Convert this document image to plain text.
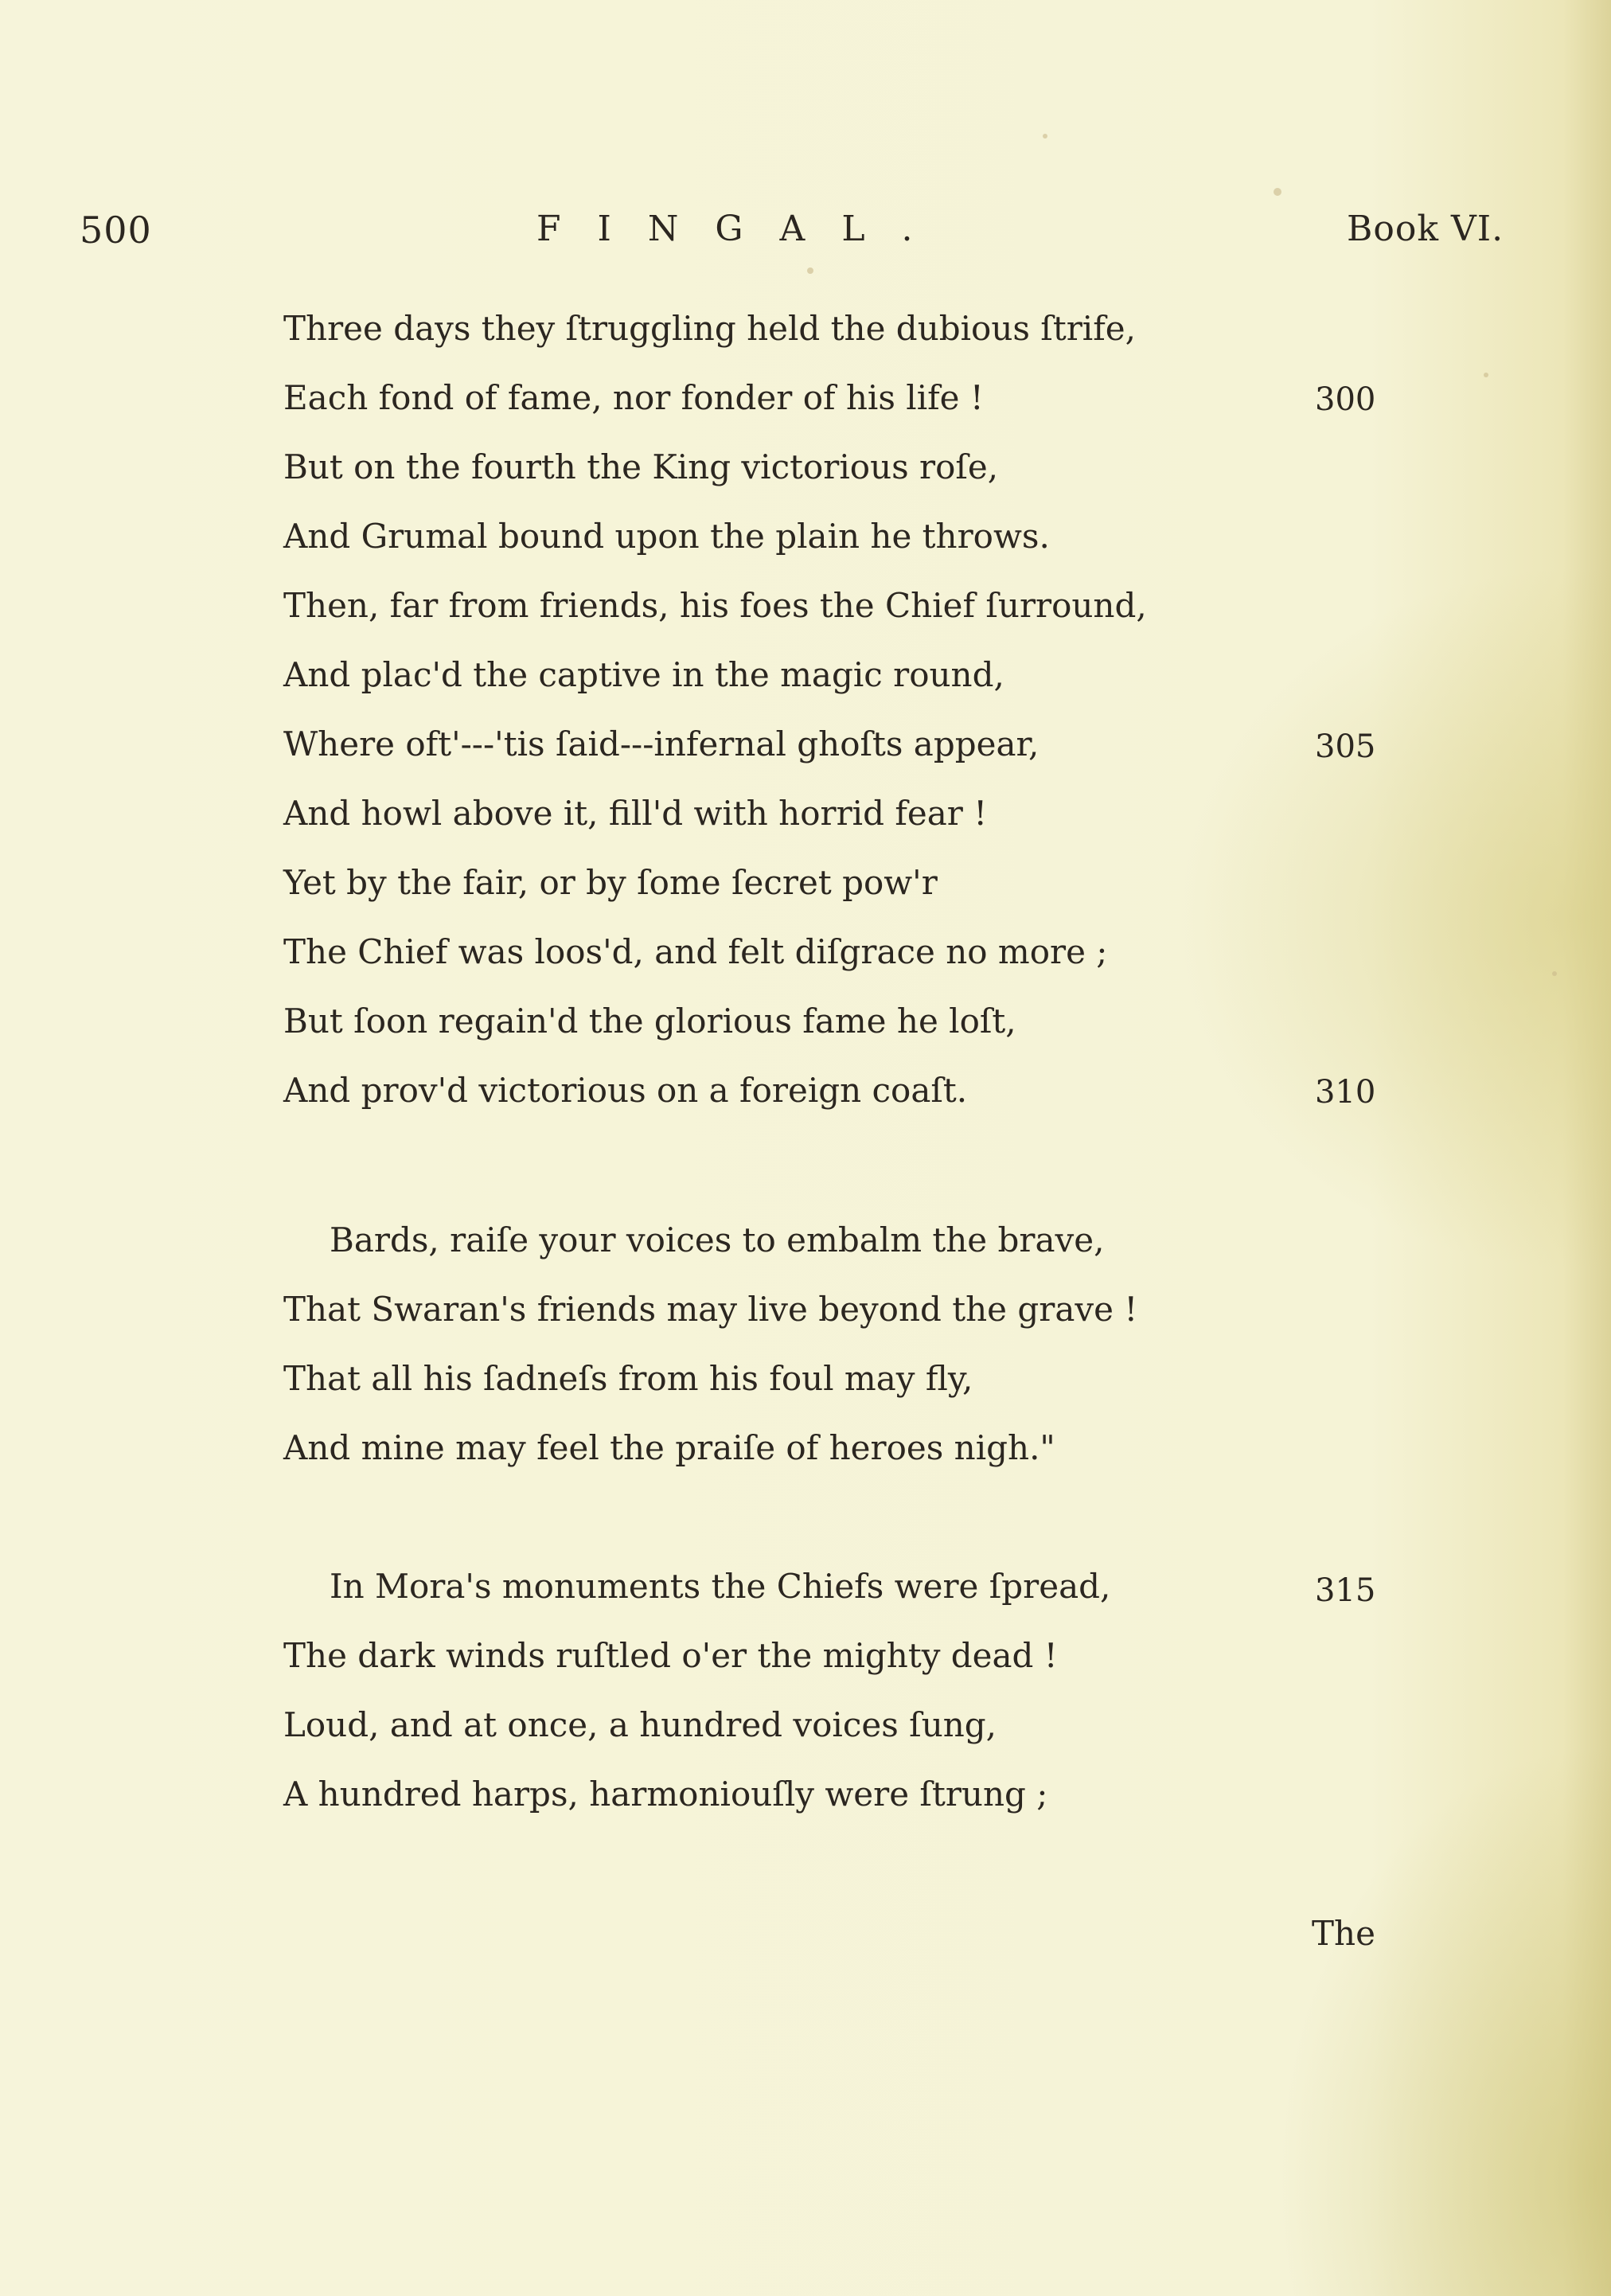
500	FINGAL.	Book VI.
Three days they ſtruggling held the dubious ſtrife,
Each fond of fame, nor fonder of his life !	300
But on the fourth the King victorious roſe,
And Grumal bound upon the plain he throws.
Then, far from friends, his foes the Chief ſurround,
And plac'd the captive in the magic round,
Where oft'---'tis ſaid---infernal ghoſts appear,	305
And howl above it, fill'd with horrid fear !
Yet by the fair, or by ſome ſecret pow'r
The Chief was loos'd, and felt diſgrace no more ;
But ſoon regain'd the glorious fame he loſt,
And prov'd victorious on a foreign coaſt.	310
Bards, raiſe your voices to embalm the brave,
That Swaran's friends may live beyond the grave !
That all his ſadneſs from his foul may fly,
And mine may feel the praiſe of heroes nigh."
In Mora's monuments the Chiefs were ſpread,	315
The dark winds ruſtled o'er the mighty dead !
Loud, and at once, a hundred voices ſung,
A hundred harps, harmoniouſly were ſtrung ;
The
